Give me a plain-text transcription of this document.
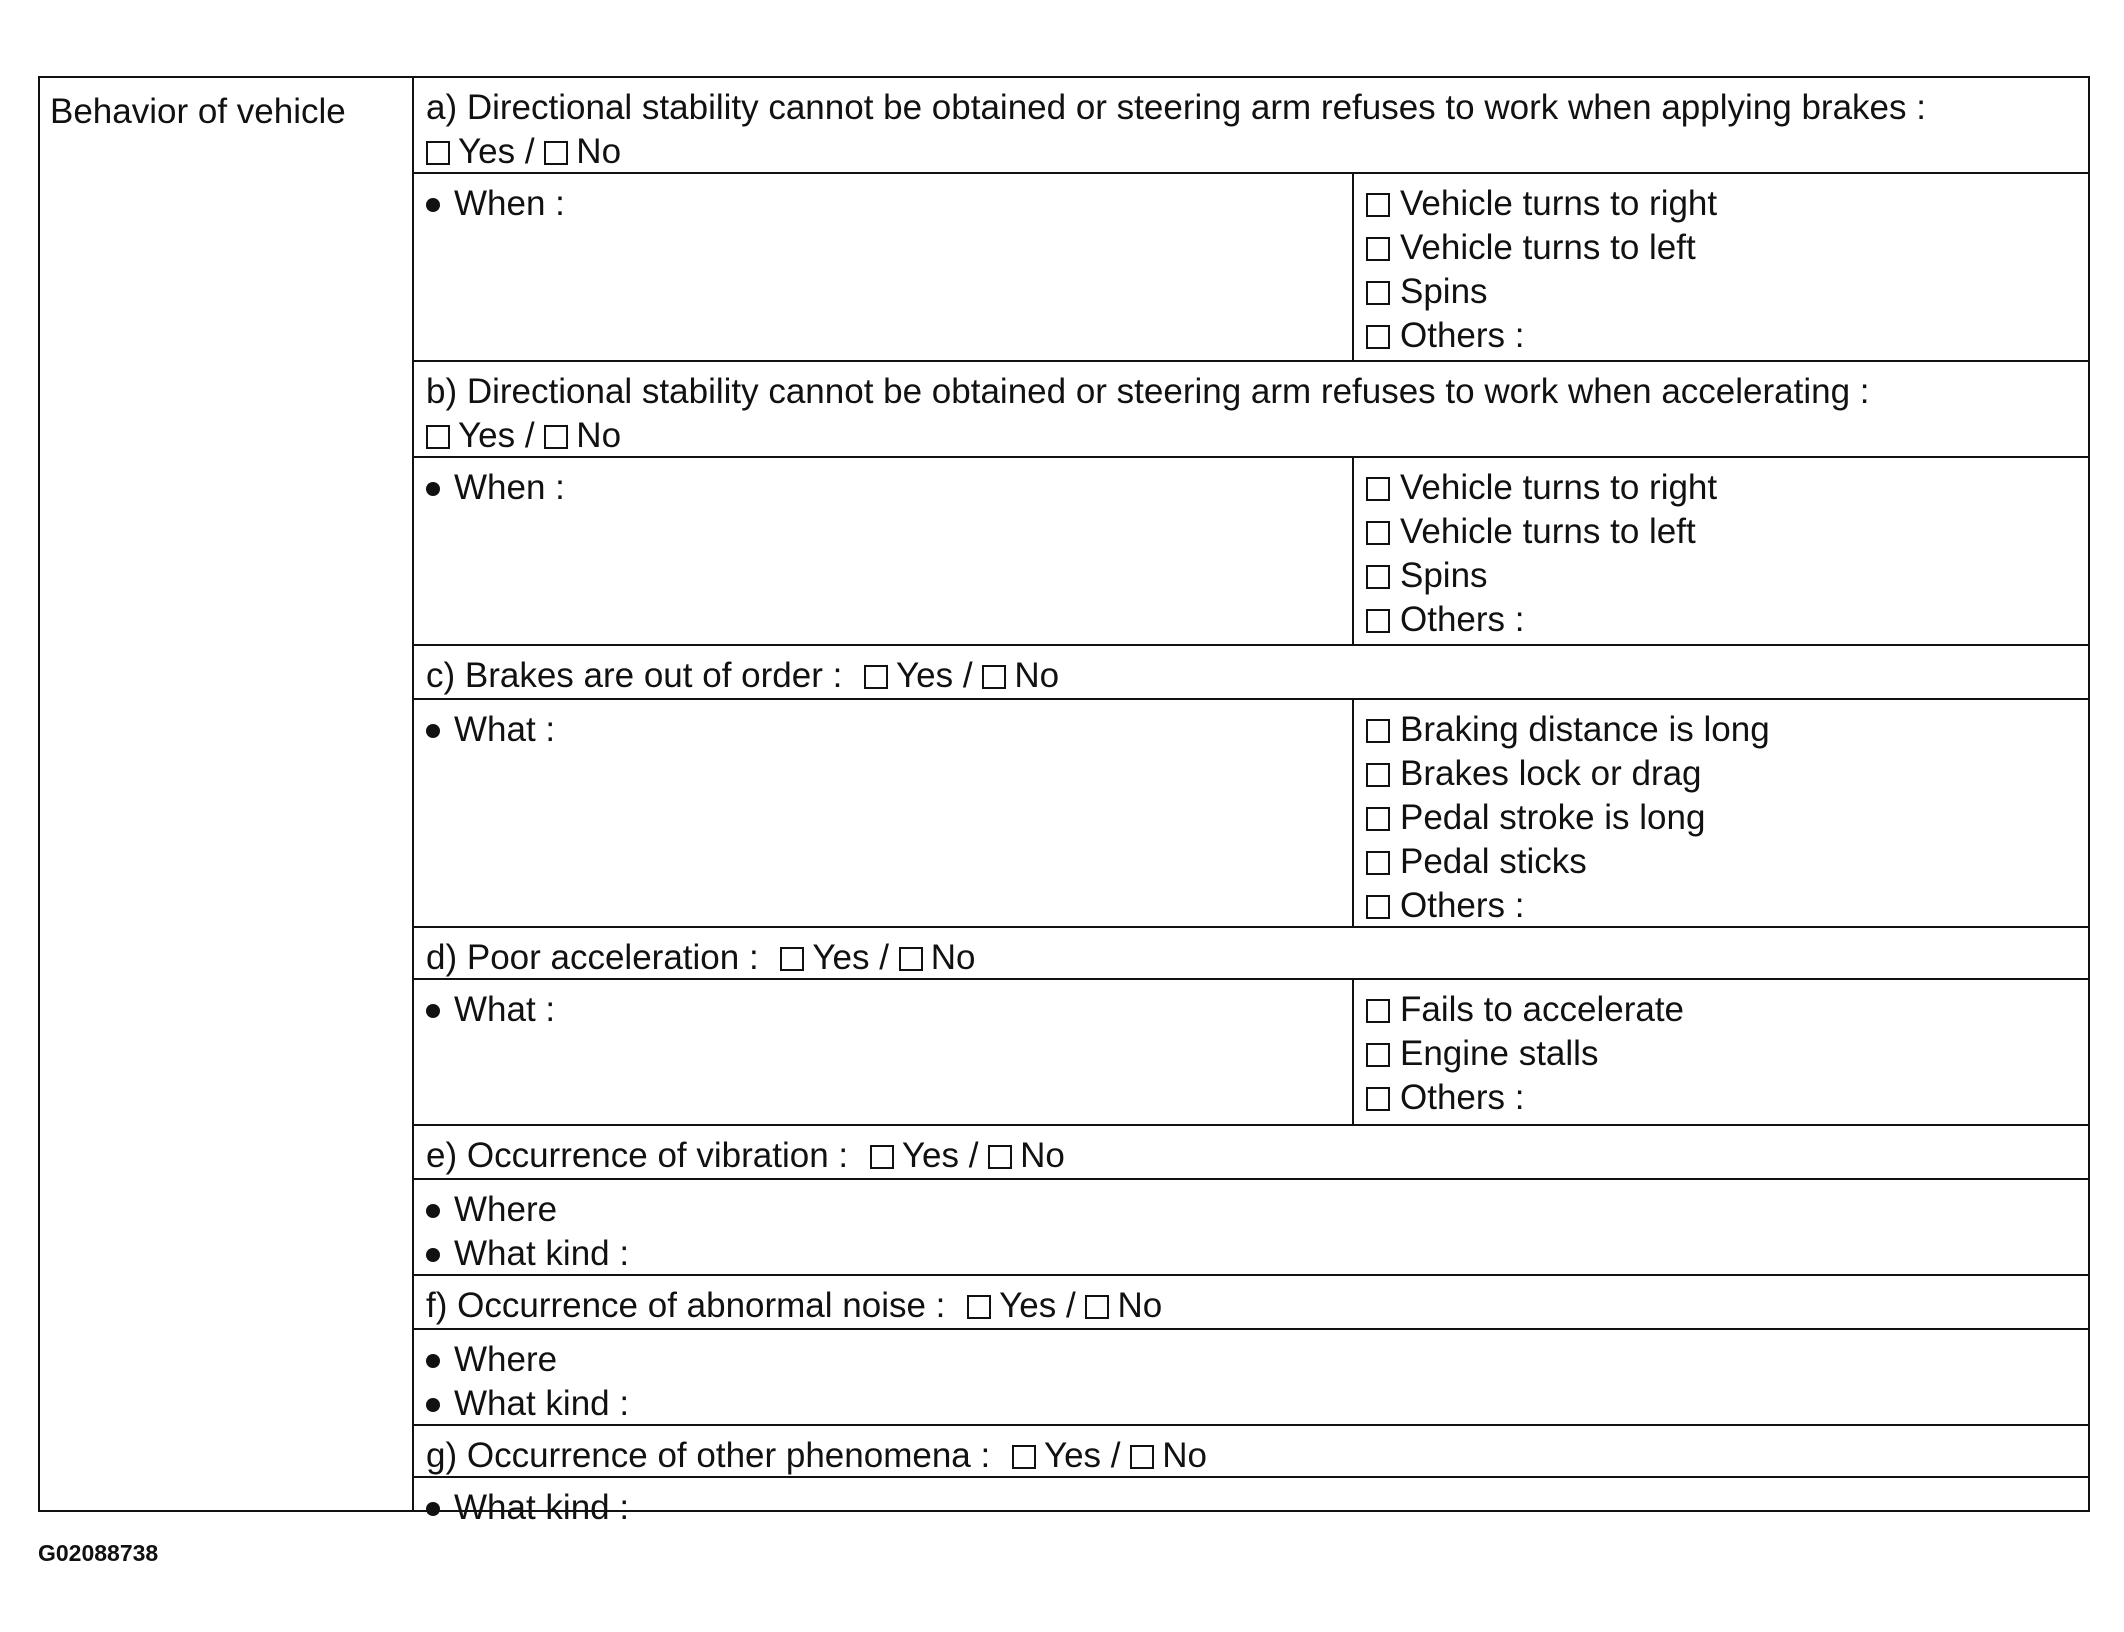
Behavior of vehicle	a) Directional stability cannot be obtained or steering arm refuses to work when applying brakes :
Yes / No
When :	Vehicle turns to right
Vehicle turns to left
Spins
Others :
b) Directional stability cannot be obtained or steering arm refuses to work when accelerating :
Yes / No
When :	Vehicle turns to right
Vehicle turns to left
Spins
Others :
c) Brakes are out of order : Yes / No
What :	Braking distance is long
Brakes lock or drag
Pedal stroke is long
Pedal sticks
Others :
d) Poor acceleration : Yes / No
What :	Fails to accelerate
Engine stalls
Others :
e) Occurrence of vibration : Yes / No
Where
What kind :
f) Occurrence of abnormal noise : Yes / No
Where
What kind :
g) Occurrence of other phenomena : Yes / No
What kind :
G02088738
